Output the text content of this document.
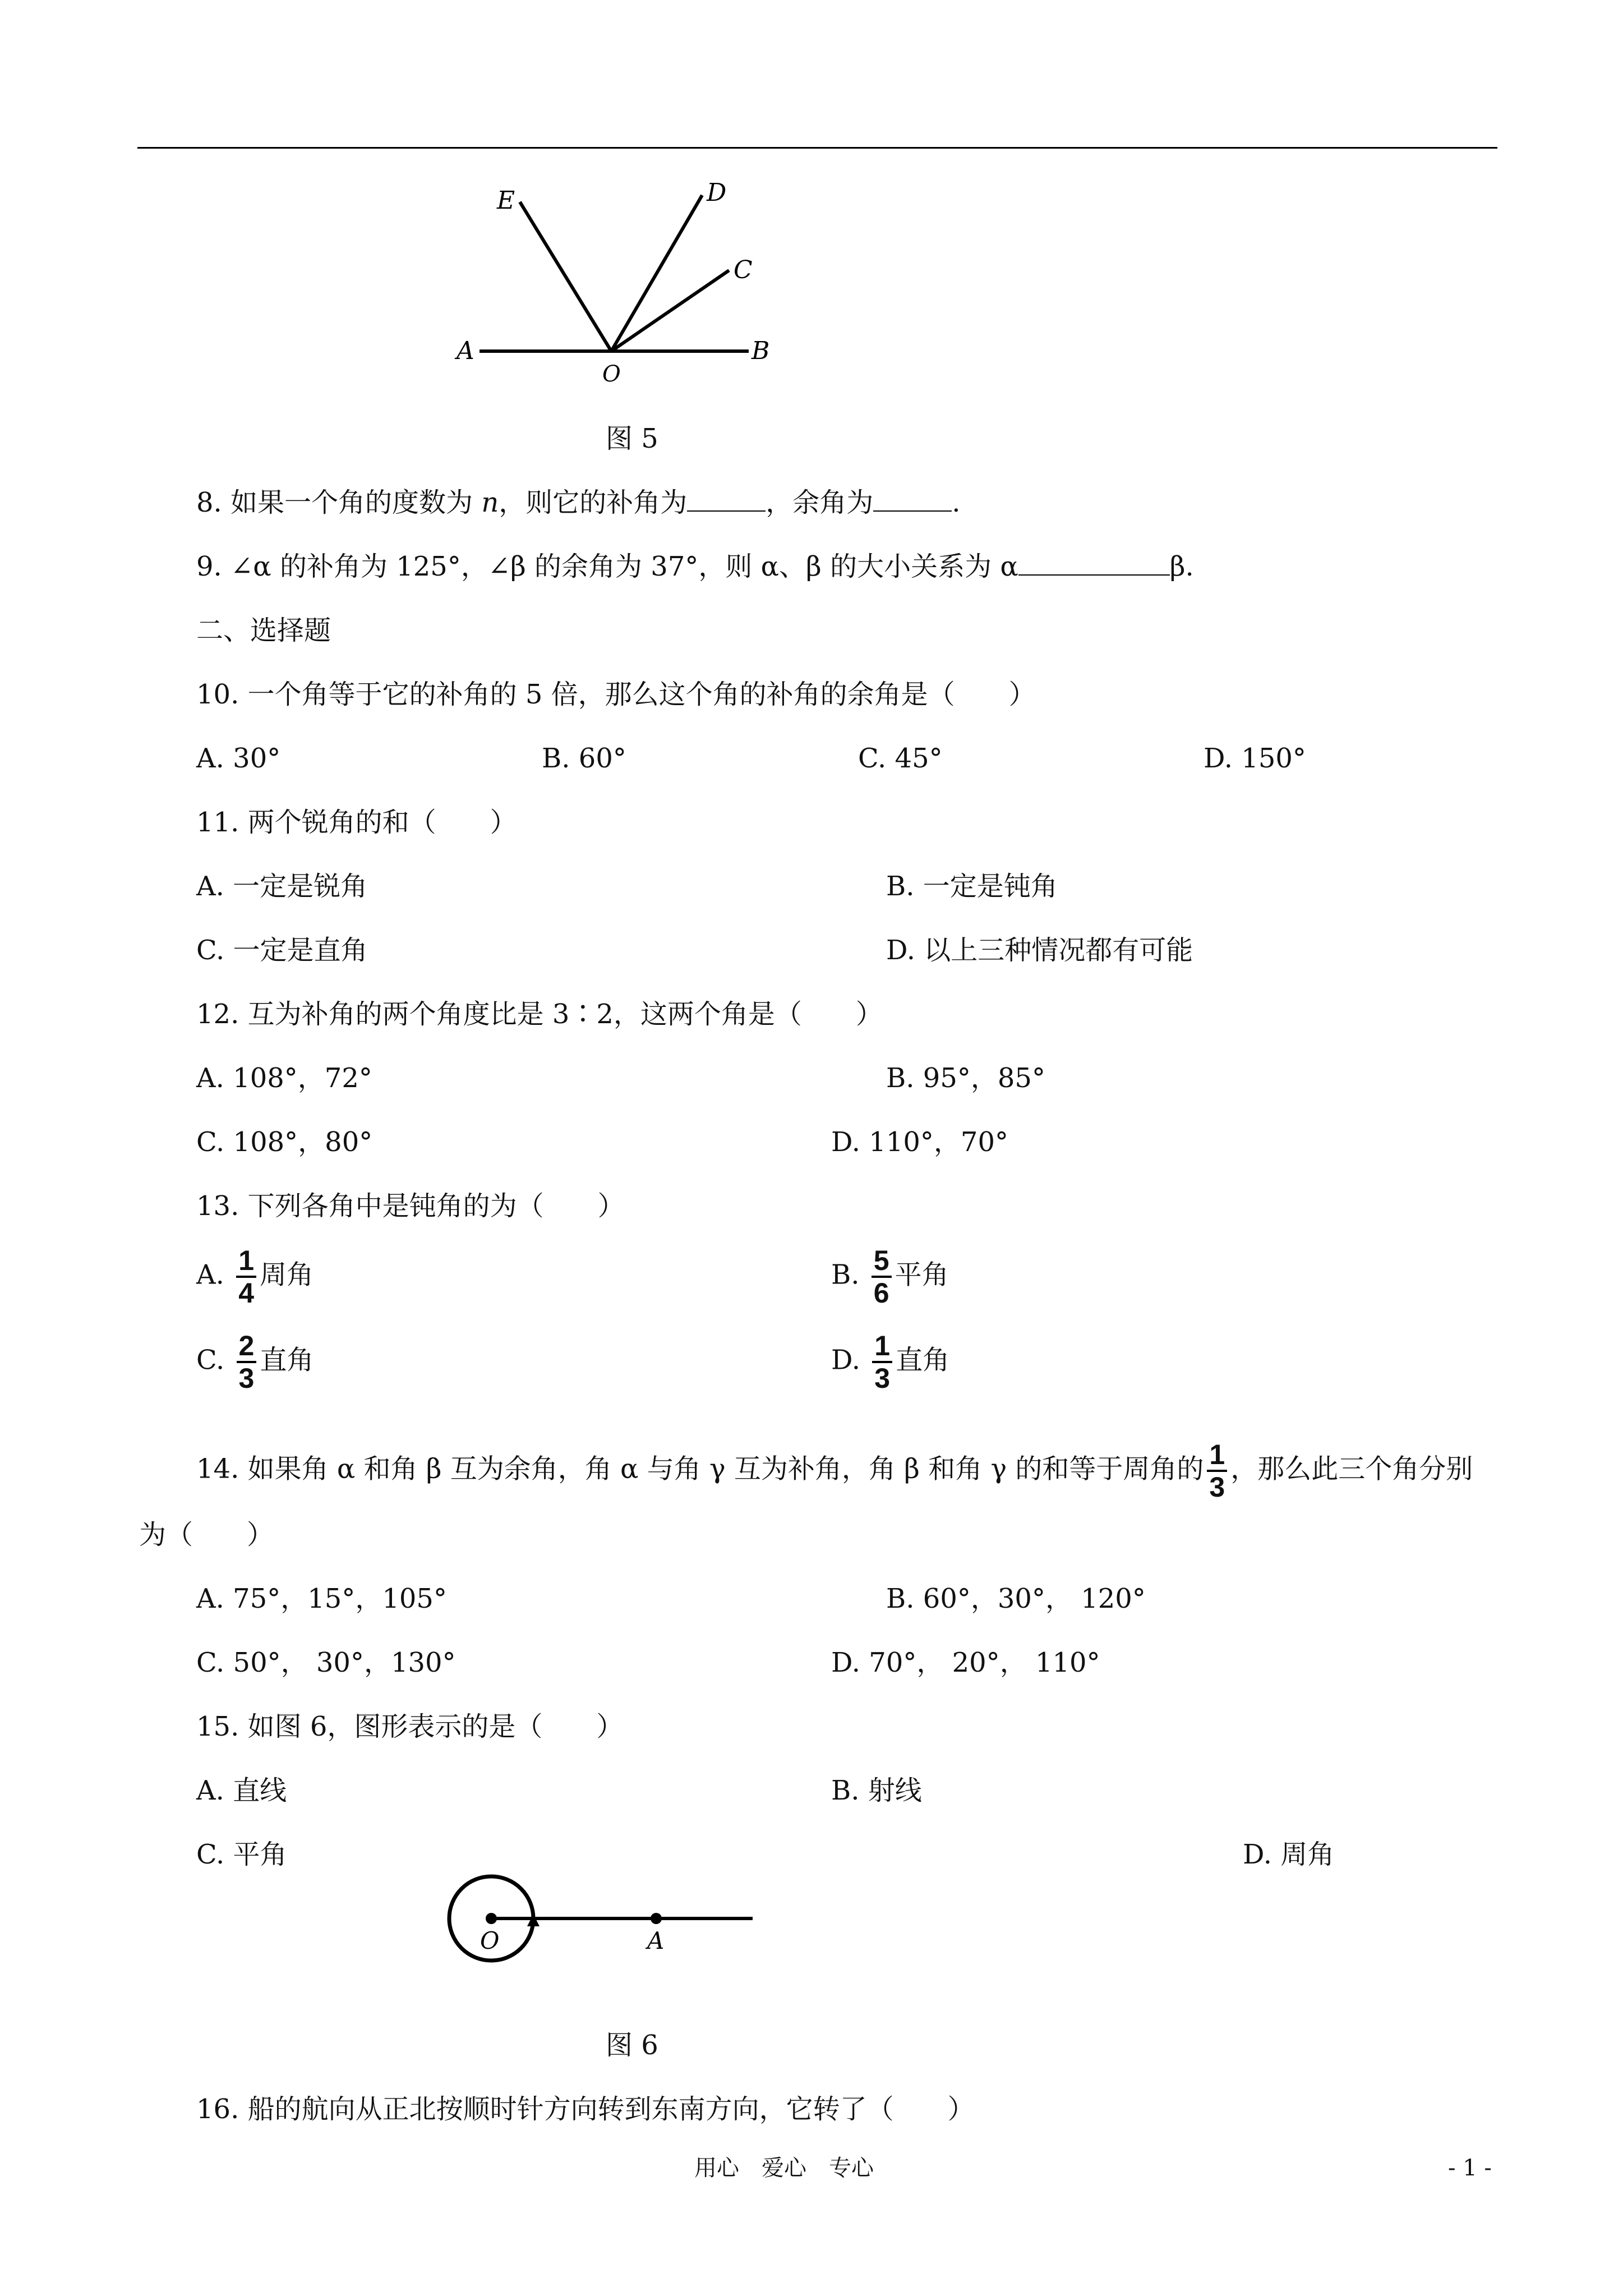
E	D
C
A
O
B
图 5
8. 如果一个角的度数为 n，则它的补角为	，余角为	.
9. ∠α 的补角为 125°，∠β 的余角为 37°，则 α、β 的大小关系为 α	β.
二、选择题
10. 一个角等于它的补角的 5 倍，那么这个角的补角的余角是（　　）
A. 30°	B. 60°	C. 45°	D. 150°
11. 两个锐角的和（　　）
A. 一定是锐角	B. 一定是钝角
C. 一定是直角	D. 以上三种情况都有可能
12. 互为补角的两个角度比是 3∶2，这两个角是（　　）
A. 108°，72°	B. 95°，85°
C. 108°，80°	D. 110°，70°
13. 下列各角中是钝角的为（　　）
A. $\frac{1}{4}$ 周角	B. $\frac{5}{6}$ 平角
C. $\frac{2}{3}$ 直角	D. $\frac{1}{3}$ 直角
14. 如果角 α 和角 β 互为余角，角 α 与角 γ 互为补角，角 β 和角 γ 的和等于周角的 $\frac{1}{3}$ ，那么此三个角分别
为（　　）
A. 75°，15°，105°	B. 60°，30°， 120°
C. 50°， 30°，130°	D. 70°， 20°， 110°
15. 如图 6，图形表示的是（　　）
A. 直线	B. 射线
C. 平角	D. 周角
O	A
图 6
16. 船的航向从正北按顺时针方向转到东南方向，它转了（　　）
用心　爱心　专心	- 1 -
